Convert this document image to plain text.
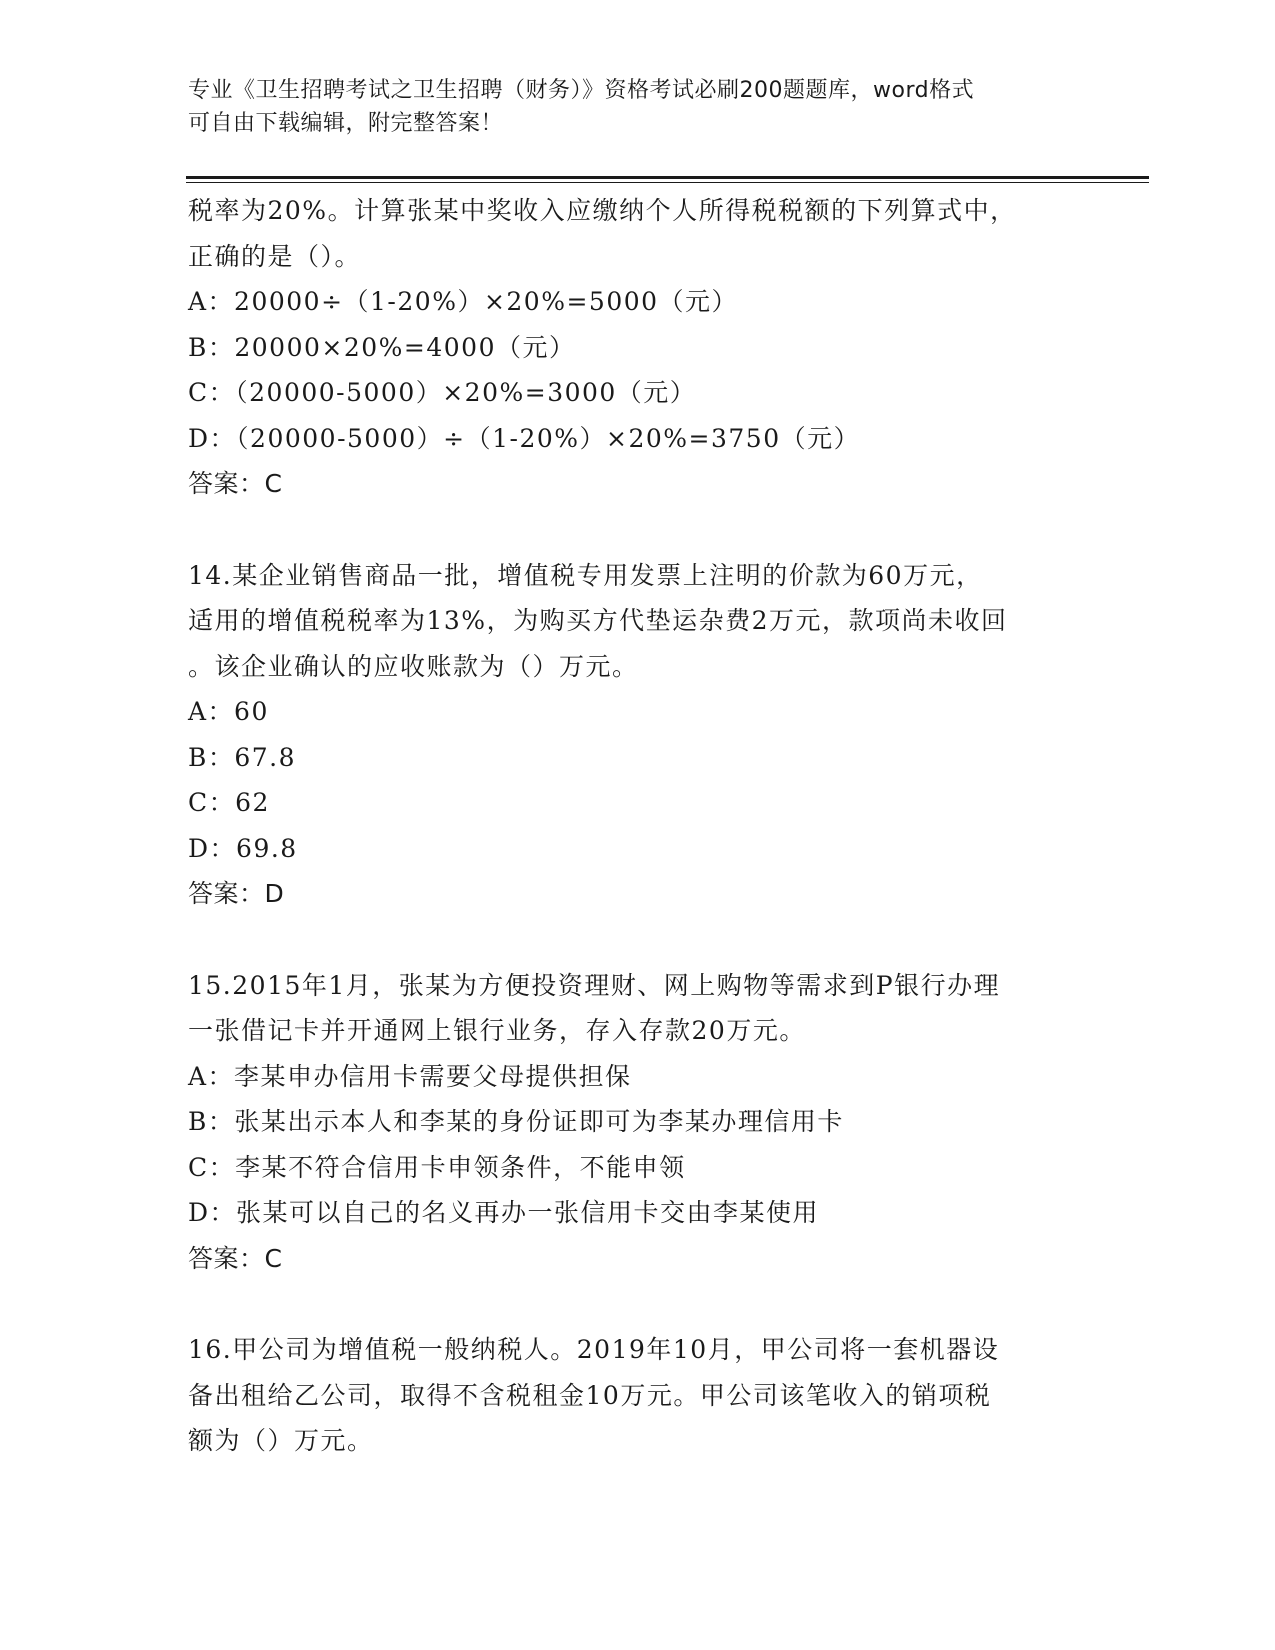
专业《卫生招聘考试之卫生招聘（财务）》资格考试必刷200题题库，word格式
可自由下载编辑，附完整答案！
税率为20%。计算张某中奖收入应缴纳个人所得税税额的下列算式中，
正确的是（）。
A：20000÷（1-20%）×20%=5000（元）
B：20000×20%=4000（元）
C：（20000-5000）×20%=3000（元）
D：（20000-5000）÷（1-20%）×20%=3750（元）
答案：C
14.某企业销售商品一批，增值税专用发票上注明的价款为60万元，
适用的增值税税率为13%，为购买方代垫运杂费2万元，款项尚未收回
。该企业确认的应收账款为（）万元。
A：60
B：67.8
C：62
D：69.8
答案：D
15.2015年1月，张某为方便投资理财、网上购物等需求到P银行办理
一张借记卡并开通网上银行业务，存入存款20万元。
A：李某申办信用卡需要父母提供担保
B：张某出示本人和李某的身份证即可为李某办理信用卡
C：李某不符合信用卡申领条件，不能申领
D：张某可以自己的名义再办一张信用卡交由李某使用
答案：C
16.甲公司为增值税一般纳税人。2019年10月，甲公司将一套机器设
备出租给乙公司，取得不含税租金10万元。甲公司该笔收入的销项税
额为（）万元。
